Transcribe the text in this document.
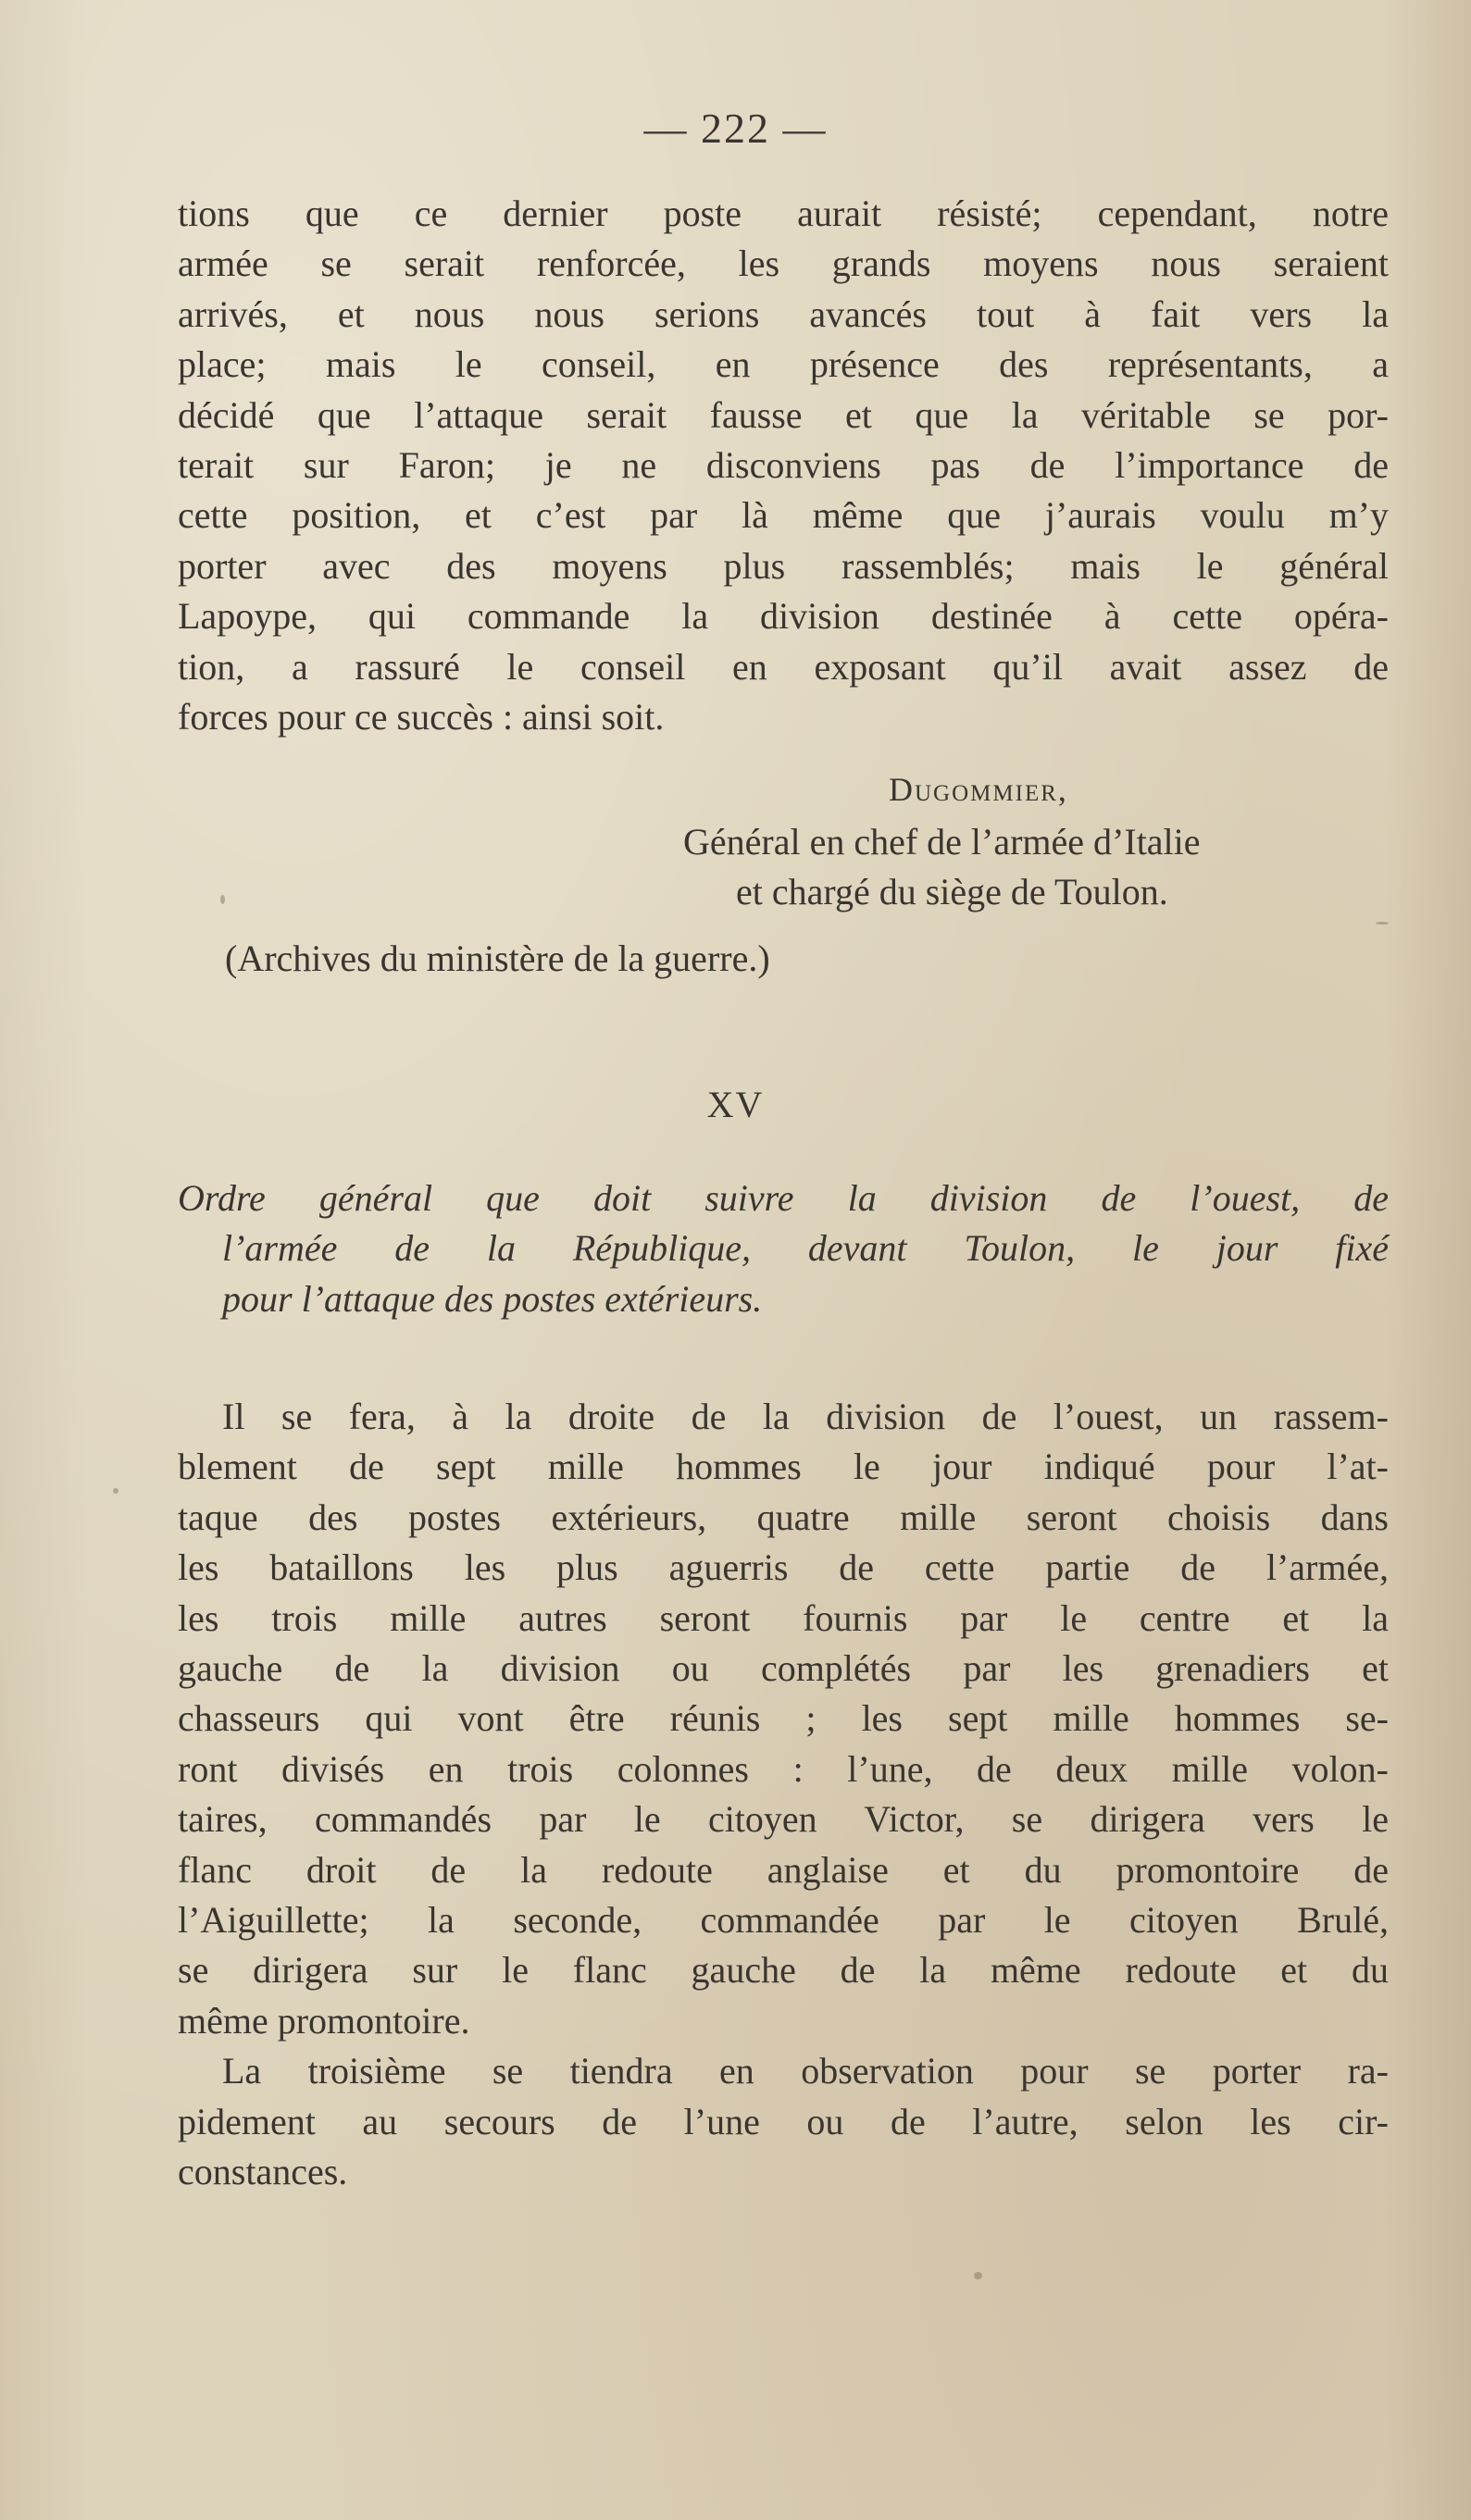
— 222 —
tions que ce dernier poste aurait résisté; cependant, notre
armée se serait renforcée, les grands moyens nous seraient
arrivés, et nous nous serions avancés tout à fait vers la
place; mais le conseil, en présence des représentants, a
décidé que l’attaque serait fausse et que la véritable se por-
terait sur Faron; je ne disconviens pas de l’importance de
cette position, et c’est par là même que j’aurais voulu m’y
porter avec des moyens plus rassemblés; mais le général
Lapoype, qui commande la division destinée à cette opéra-
tion, a rassuré le conseil en exposant qu’il avait assez de
forces pour ce succès : ainsi soit.
Dugommier,
Général en chef de l’armée d’Italie
et chargé du siège de Toulon.
(Archives du ministère de la guerre.)
XV
Ordre général que doit suivre la division de l’ouest, de
l’armée de la République, devant Toulon, le jour fixé
pour l’attaque des postes extérieurs.
Il se fera, à la droite de la division de l’ouest, un rassem-
blement de sept mille hommes le jour indiqué pour l’at-
taque des postes extérieurs, quatre mille seront choisis dans
les bataillons les plus aguerris de cette partie de l’armée,
les trois mille autres seront fournis par le centre et la
gauche de la division ou complétés par les grenadiers et
chasseurs qui vont être réunis ; les sept mille hommes se-
ront divisés en trois colonnes : l’une, de deux mille volon-
taires, commandés par le citoyen Victor, se dirigera vers le
flanc droit de la redoute anglaise et du promontoire de
l’Aiguillette; la seconde, commandée par le citoyen Brulé,
se dirigera sur le flanc gauche de la même redoute et du
même promontoire.
La troisième se tiendra en observation pour se porter ra-
pidement au secours de l’une ou de l’autre, selon les cir-
constances.
